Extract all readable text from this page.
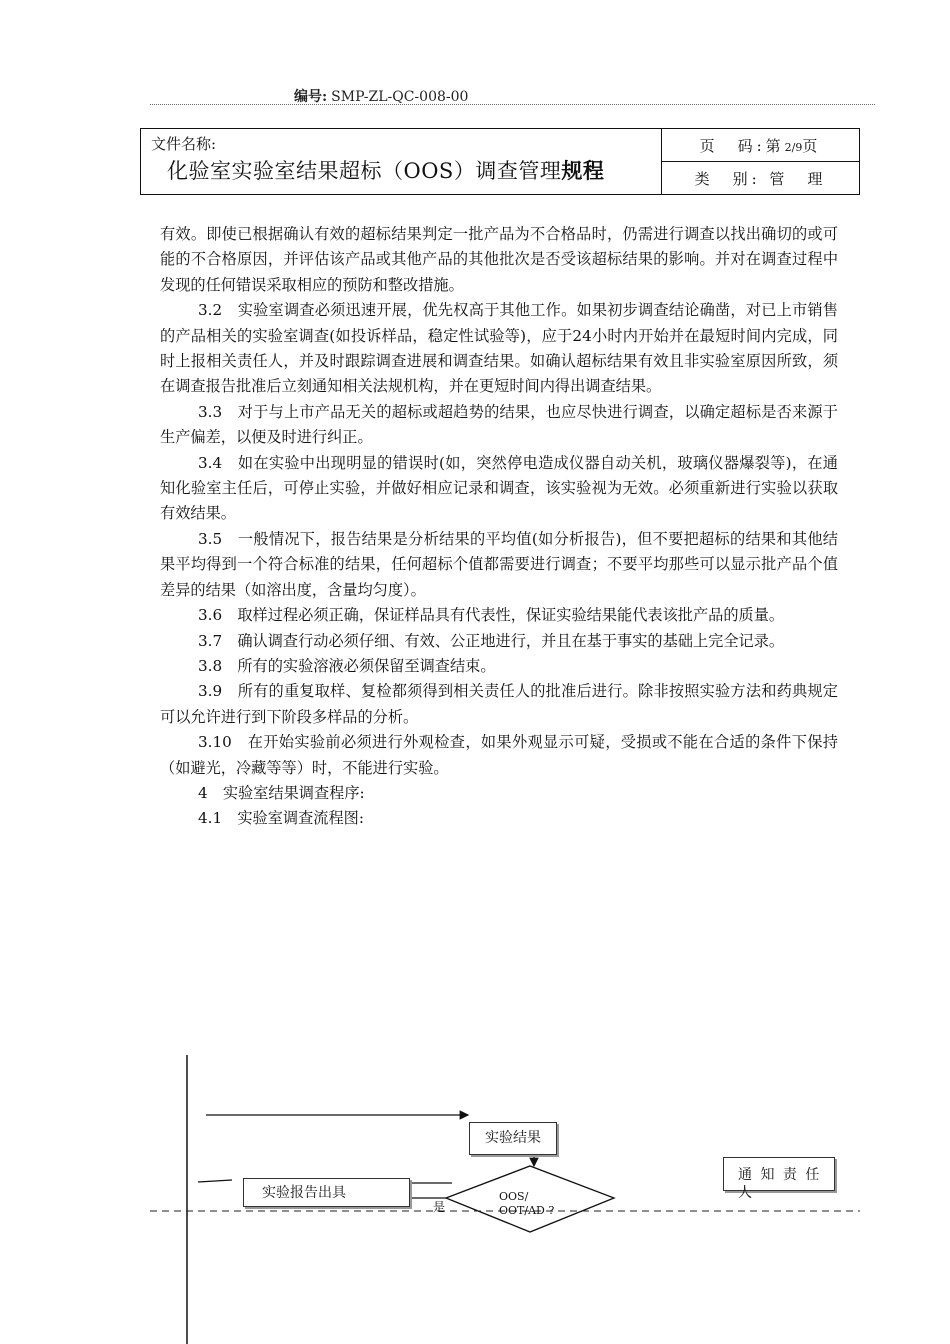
编号: SMP-ZL-QC-008-00
文件名称:
化验室实验室结果超标（OOS）调查管理规程
	页　码:第2/9页
类　别: 管　理

有效。即使已根据确认有效的超标结果判定一批产品为不合格品时，仍需进行调查以找出确切的或可能的不合格原因，并评估该产品或其他产品的其他批次是否受该超标结果的影响。并对在调查过程中发现的任何错误采取相应的预防和整改措施。

3.2　实验室调查必须迅速开展，优先权高于其他工作。如果初步调查结论确凿，对已上市销售的产品相关的实验室调查(如投诉样品，稳定性试验等)，应于24小时内开始并在最短时间内完成，同时上报相关责任人，并及时跟踪调查进展和调查结果。如确认超标结果有效且非实验室原因所致，须在调查报告批准后立刻通知相关法规机构，并在更短时间内得出调查结果。

3.3　对于与上市产品无关的超标或超趋势的结果，也应尽快进行调查，以确定超标是否来源于生产偏差，以便及时进行纠正。

3.4　如在实验中出现明显的错误时(如，突然停电造成仪器自动关机，玻璃仪器爆裂等)，在通知化验室主任后，可停止实验，并做好相应记录和调查，该实验视为无效。必须重新进行实验以获取有效结果。

3.5　一般情况下，报告结果是分析结果的平均值(如分析报告)，但不要把超标的结果和其他结果平均得到一个符合标准的结果，任何超标个值都需要进行调查；不要平均那些可以显示批产品个值差异的结果（如溶出度，含量均匀度）。

3.6　取样过程必须正确，保证样品具有代表性，保证实验结果能代表该批产品的质量。

3.7　确认调查行动必须仔细、有效、公正地进行，并且在基于事实的基础上完全记录。

3.8　所有的实验溶液必须保留至调查结束。

3.9　所有的重复取样、复检都须得到相关责任人的批准后进行。除非按照实验方法和药典规定可以允许进行到下阶段多样品的分析。

3.10　在开始实验前必须进行外观检查，如果外观显示可疑，受损或不能在合适的条件下保持（如避光，冷藏等等）时，不能进行实验。

4　实验室结果调查程序:

4.1　实验室调查流程图:

实验结果
实验报告出具
通 知 责 任 人
OOS/
OOT/AD ?
是
